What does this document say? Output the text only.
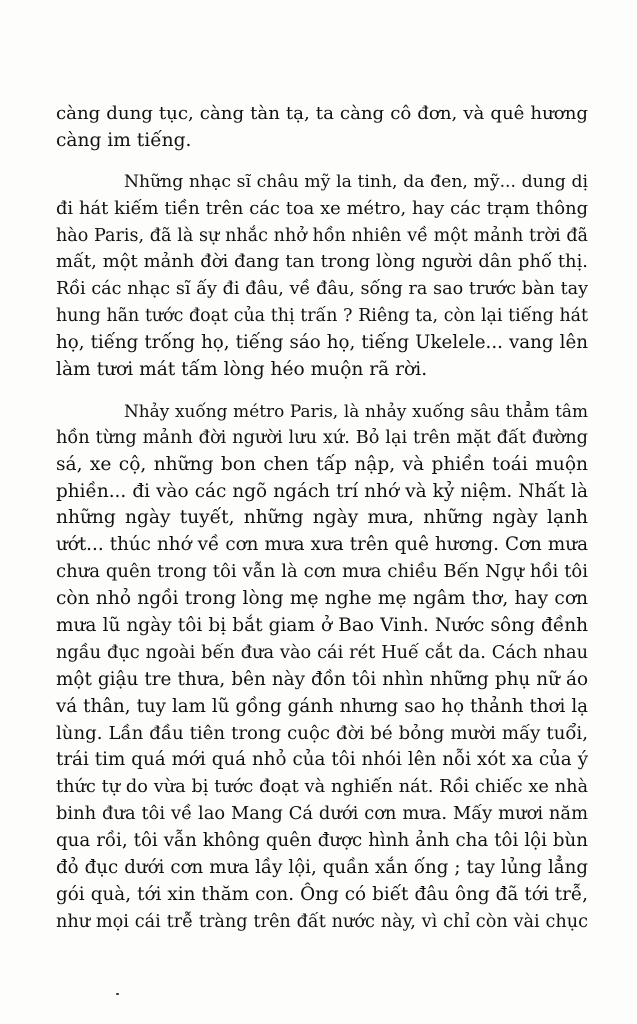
càng dung tục, càng tàn tạ, ta càng cô đơn, và quê hương
càng im tiếng.
Những nhạc sĩ châu mỹ la tinh, da đen, mỹ... dung dị
đi hát kiếm tiền trên các toa xe métro, hay các trạm thông
hào Paris, đã là sự nhắc nhở hồn nhiên về một mảnh trời đã
mất, một mảnh đời đang tan trong lòng người dân phố thị.
Rồi các nhạc sĩ ấy đi đâu, về đâu, sống ra sao trước bàn tay
hung hãn tước đoạt của thị trấn ? Riêng ta, còn lại tiếng hát
họ, tiếng trống họ, tiếng sáo họ, tiếng Ukelele... vang lên
làm tươi mát tấm lòng héo muộn rã rời.
Nhảy xuống métro Paris, là nhảy xuống sâu thẳm tâm
hồn từng mảnh đời người lưu xứ. Bỏ lại trên mặt đất đường
sá, xe cộ, những bon chen tấp nập, và phiền toái muộn
phiền... đi vào các ngõ ngách trí nhớ và kỷ niệm. Nhất là
những ngày tuyết, những ngày mưa, những ngày lạnh
ướt... thúc nhớ về cơn mưa xưa trên quê hương. Cơn mưa
chưa quên trong tôi vẫn là cơn mưa chiều Bến Ngự hồi tôi
còn nhỏ ngồi trong lòng mẹ nghe mẹ ngâm thơ, hay cơn
mưa lũ ngày tôi bị bắt giam ở Bao Vinh. Nước sông đềnh
ngầu đục ngoài bến đưa vào cái rét Huế cắt da. Cách nhau
một giậu tre thưa, bên này đồn tôi nhìn những phụ nữ áo
vá thân, tuy lam lũ gồng gánh nhưng sao họ thảnh thơi lạ
lùng. Lần đầu tiên trong cuộc đời bé bỏng mười mấy tuổi,
trái tim quá mới quá nhỏ của tôi nhói lên nỗi xót xa của ý
thức tự do vừa bị tước đoạt và nghiến nát. Rồi chiếc xe nhà
binh đưa tôi về lao Mang Cá dưới cơn mưa. Mấy mươi năm
qua rồi, tôi vẫn không quên được hình ảnh cha tôi lội bùn
đỏ đục dưới cơn mưa lầy lội, quần xắn ống ; tay lủng lẳng
gói quà, tới xin thăm con. Ông có biết đâu ông đã tới trễ,
như mọi cái trễ tràng trên đất nước này, vì chỉ còn vài chục
